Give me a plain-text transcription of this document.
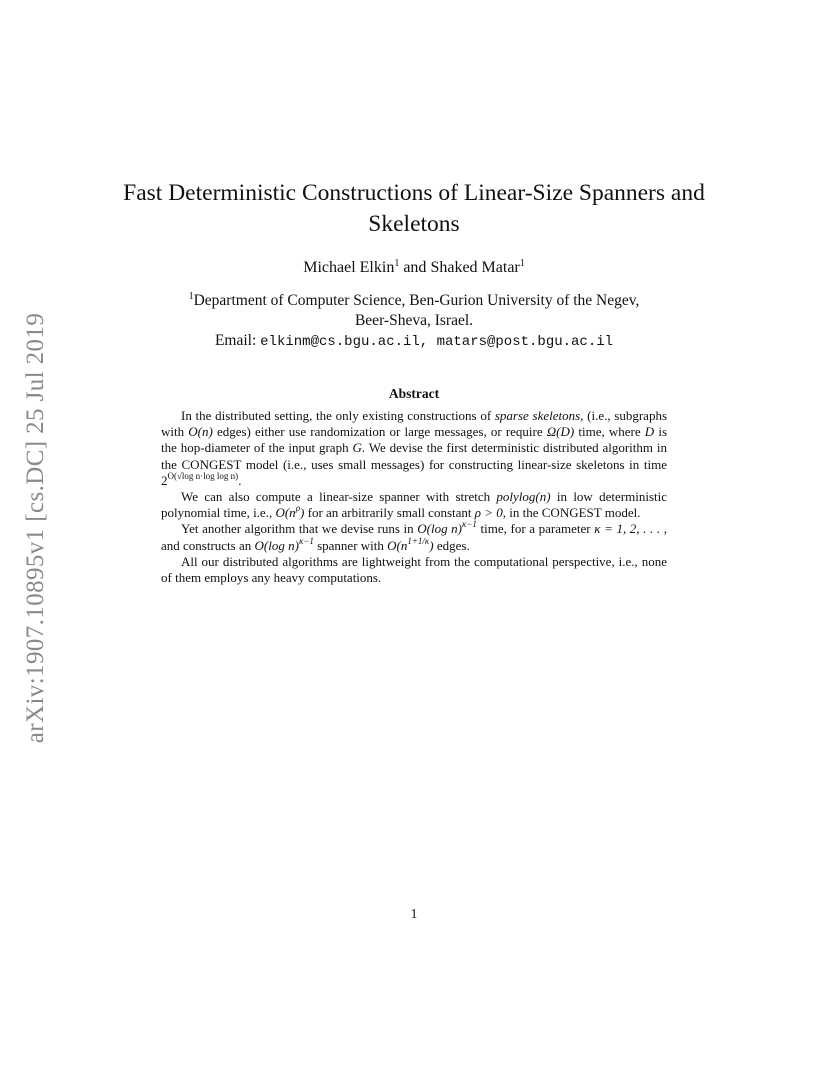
arXiv:1907.10895v1 [cs.DC] 25 Jul 2019
Fast Deterministic Constructions of Linear-Size Spanners and Skeletons
Michael Elkin$^1$ and Shaked Matar$^1$
$^1$Department of Computer Science, Ben-Gurion University of the Negev,
Beer-Sheva, Israel.
Email: elkinm@cs.bgu.ac.il, matars@post.bgu.ac.il
Abstract

In the distributed setting, the only existing constructions of sparse skeletons, (i.e., subgraphs with O(n) edges) either use randomization or large messages, or require Ω(D) time, where D is the hop-diameter of the input graph G. We devise the first deterministic distributed algorithm in the CONGEST model (i.e., uses small messages) for constructing linear-size skeletons in time $2^{O(√log n\cdot log log n)}$.

We can also compute a linear-size spanner with stretch polylog(n) in low deterministic polynomial time, i.e., $O(n^\rho)$ for an arbitrarily small constant ρ > 0, in the CONGEST model.

Yet another algorithm that we devise runs in O(log n)$^{\kappa-1}$ time, for a parameter κ = 1, 2, . . . , and constructs an O(log n)$^{\kappa-1}$ spanner with $O(n^{1+1/\kappa})$ edges.

All our distributed algorithms are lightweight from the computational perspective, i.e., none of them employs any heavy computations.

1
